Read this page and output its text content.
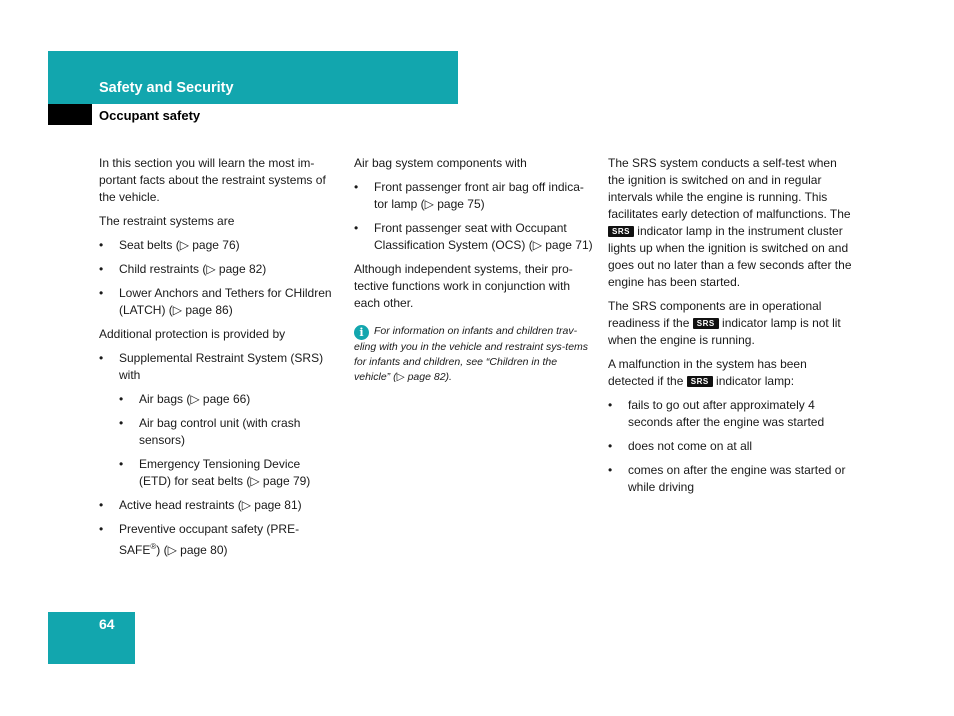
Safety and Security
Occupant safety

In this section you will learn the most im-portant facts about the restraint systems of the vehicle.

The restraint systems are

• Seat belts (▷ page 76)
• Child restraints (▷ page 82)
• Lower Anchors and Tethers for CHildren (LATCH) (▷ page 86)

Additional protection is provided by

• Supplemental Restraint System (SRS) with
• Air bags (▷ page 66)
• Air bag control unit (with crash sensors)
• Emergency Tensioning Device (ETD) for seat belts (▷ page 79)
• Active head restraints (▷ page 81)
• Preventive occupant safety (PRE-SAFE®) (▷ page 80)

Air bag system components with

• Front passenger front air bag off indica-tor lamp (▷ page 75)
• Front passenger seat with Occupant Classification System (OCS) (▷ page 71)

Although independent systems, their pro-tective functions work in conjunction with each other.

i For information on infants and children trav-eling with you in the vehicle and restraint sys-tems for infants and children, see “Children in the vehicle” (▷ page 82).

The SRS system conducts a self-test when the ignition is switched on and in regular intervals while the engine is running. This facilitates early detection of malfunctions. The SRS indicator lamp in the instrument cluster lights up when the ignition is switched on and goes out no later than a few seconds after the engine has been started.

The SRS components are in operational readiness if the SRS indicator lamp is not lit when the engine is running.

A malfunction in the system has been detected if the SRS indicator lamp:

• fails to go out after approximately 4 seconds after the engine was started
• does not come on at all
• comes on after the engine was started or while driving
64
